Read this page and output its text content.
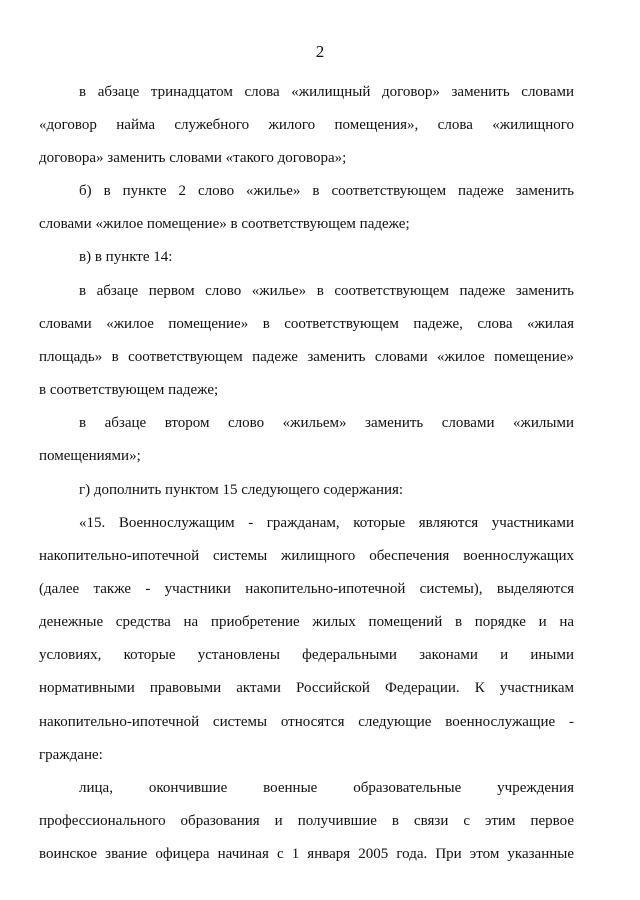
2
в абзаце тринадцатом слова «жилищный договор» заменить словами
«договор найма служебного жилого помещения», слова «жилищного
договора» заменить словами «такого договора»;
б) в пункте 2 слово «жилье» в соответствующем падеже заменить
словами «жилое помещение» в соответствующем падеже;
в) в пункте 14:
в абзаце первом слово «жилье» в соответствующем падеже заменить
словами «жилое помещение» в соответствующем падеже, слова «жилая
площадь» в соответствующем падеже заменить словами «жилое помещение»
в соответствующем падеже;
в абзаце втором слово «жильем» заменить словами «жилыми
помещениями»;
г) дополнить пунктом 15 следующего содержания:
«15. Военнослужащим - гражданам, которые являются участниками
накопительно-ипотечной системы жилищного обеспечения военнослужащих
(далее также - участники накопительно-ипотечной системы), выделяются
денежные средства на приобретение жилых помещений в порядке и на
условиях, которые установлены федеральными законами и иными
нормативными правовыми актами Российской Федерации. К участникам
накопительно-ипотечной системы относятся следующие военнослужащие -
граждане:
лица, окончившие военные образовательные учреждения
профессионального образования и получившие в связи с этим первое
воинское звание офицера начиная с 1 января 2005 года. При этом указанные
